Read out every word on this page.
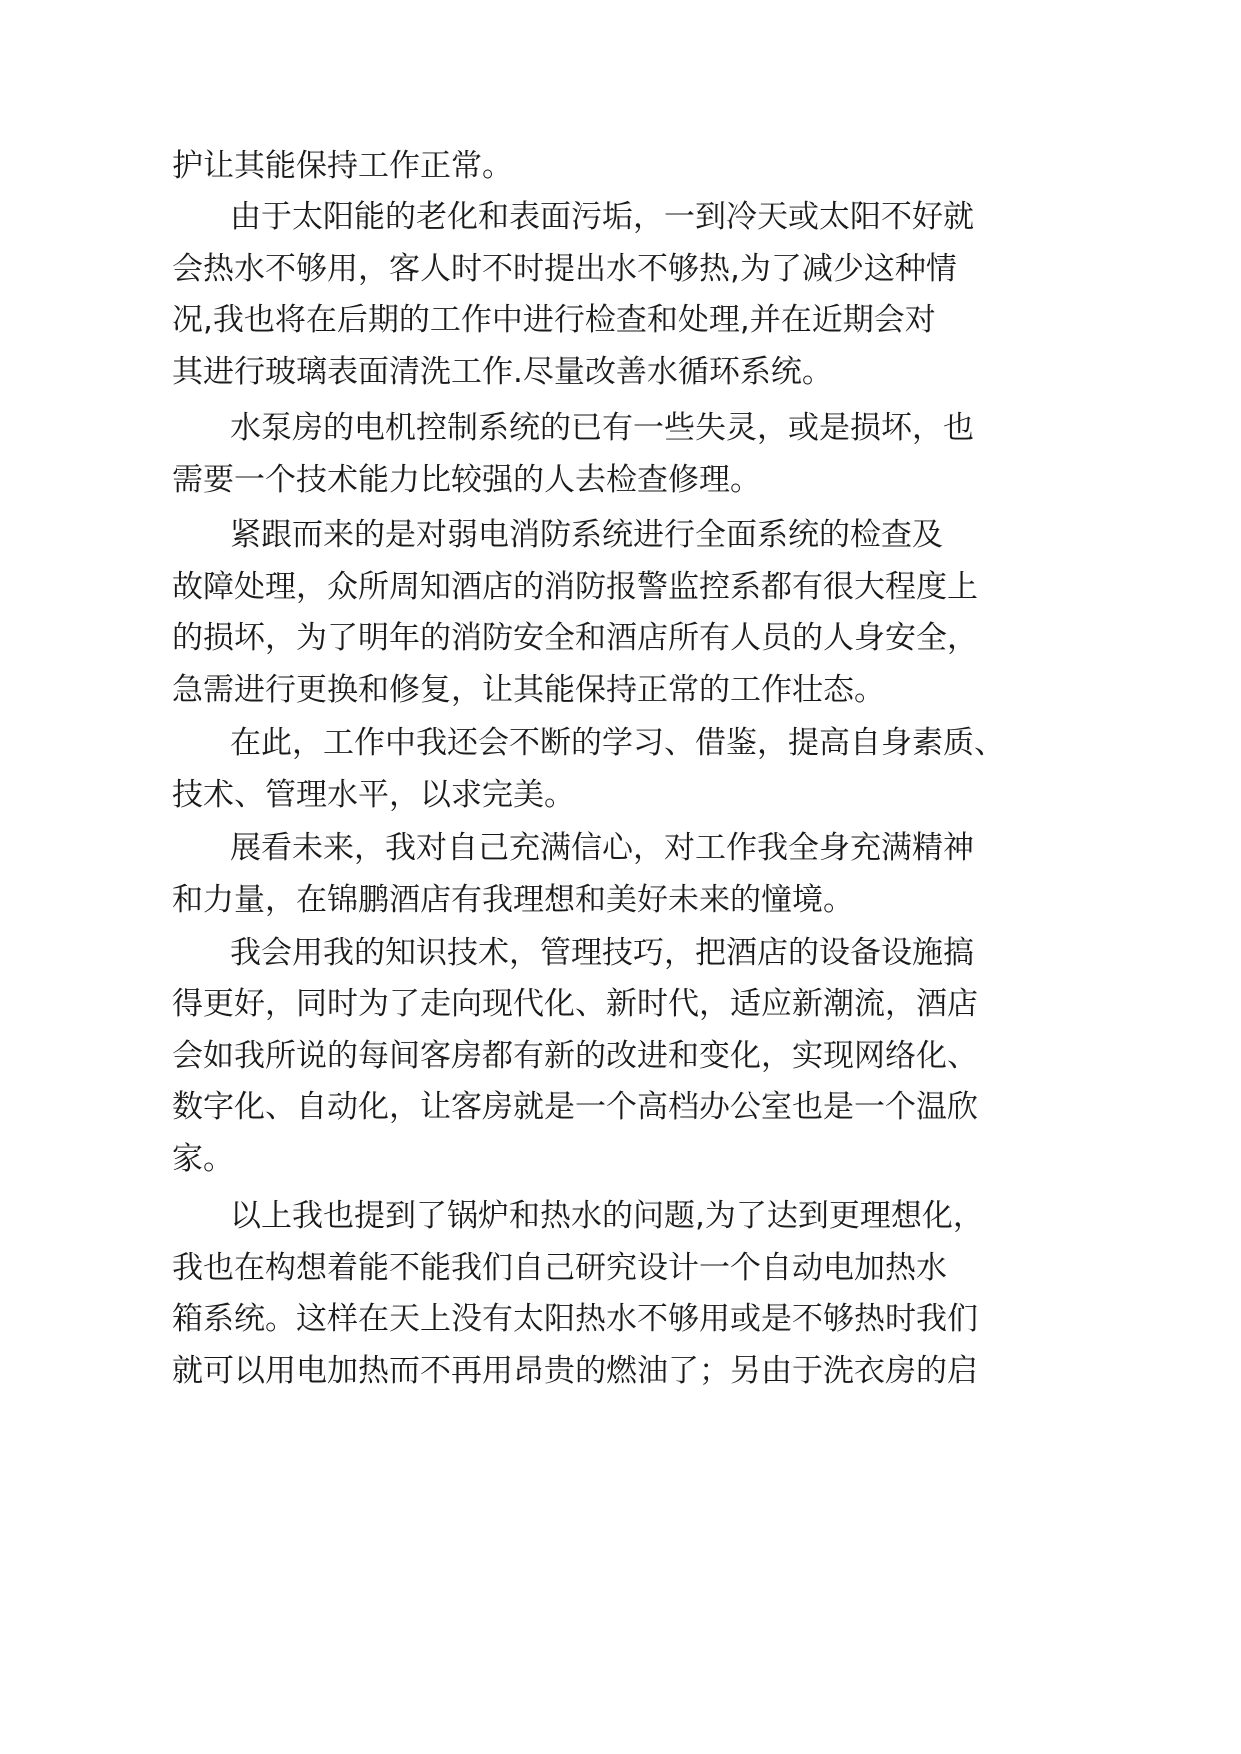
护让其能保持工作正常。

由于太阳能的老化和表面污垢，一到冷天或太阳不好就

会热水不够用，客人时不时提出水不够热,为了减少这种情

况,我也将在后期的工作中进行检查和处理,并在近期会对

其进行玻璃表面清洗工作.尽量改善水循环系统。

水泵房的电机控制系统的已有一些失灵，或是损坏，也

需要一个技术能力比较强的人去检查修理。

紧跟而来的是对弱电消防系统进行全面系统的检查及

故障处理，众所周知酒店的消防报警监控系都有很大程度上

的损坏，为了明年的消防安全和酒店所有人员的人身安全，

急需进行更换和修复，让其能保持正常的工作壮态。

在此，工作中我还会不断的学习、借鉴，提高自身素质、

技术、管理水平，以求完美。

展看未来，我对自己充满信心，对工作我全身充满精神

和力量，在锦鹏酒店有我理想和美好未来的憧境。

我会用我的知识技术，管理技巧，把酒店的设备设施搞

得更好，同时为了走向现代化、新时代，适应新潮流，酒店

会如我所说的每间客房都有新的改进和变化，实现网络化、

数字化、自动化，让客房就是一个高档办公室也是一个温欣

家。

以上我也提到了锅炉和热水的问题,为了达到更理想化，

我也在构想着能不能我们自己研究设计一个自动电加热水

箱系统。这样在天上没有太阳热水不够用或是不够热时我们

就可以用电加热而不再用昂贵的燃油了；另由于洗衣房的启
